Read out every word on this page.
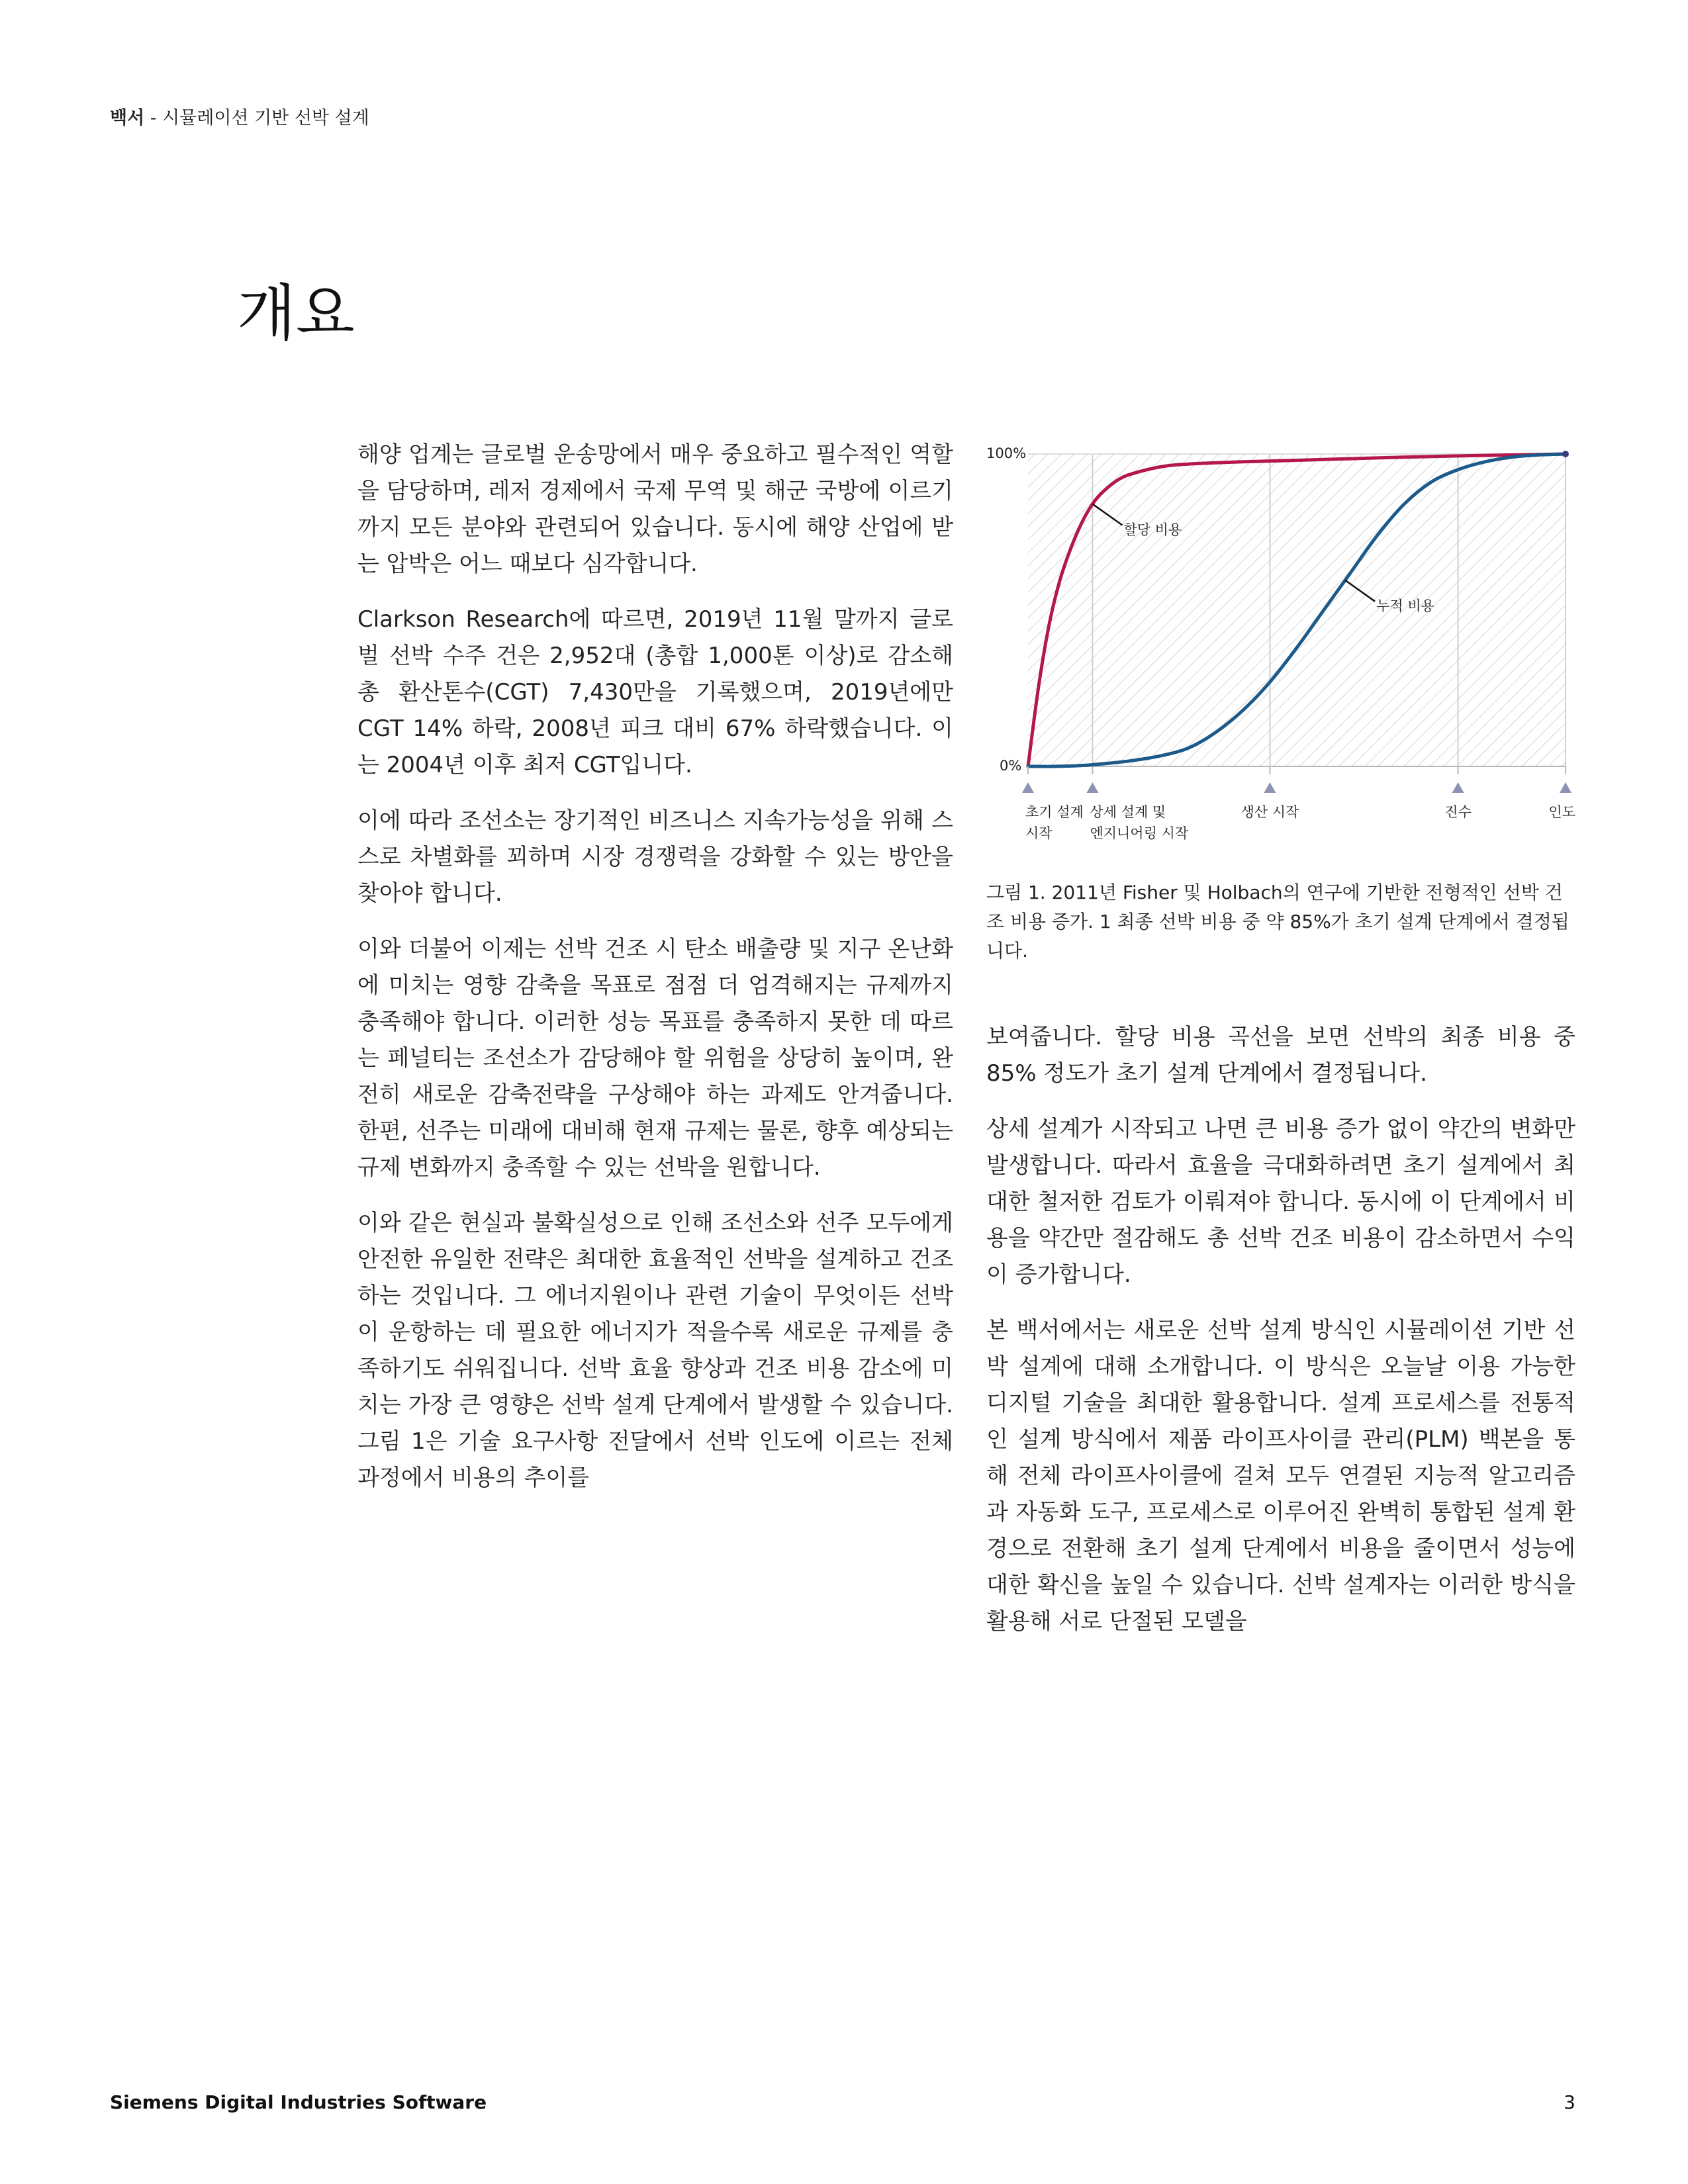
백서 - 시뮬레이션 기반 선박 설계
개요

해양 업계는 글로벌 운송망에서 매우 중요하고 필수적인 역할을 담당하며, 레저 경제에서 국제 무역 및 해군 국방에 이르기까지 모든 분야와 관련되어 있습니다. 동시에 해양 산업에 받는 압박은 어느 때보다 심각합니다.

Clarkson Research에 따르면, 2019년 11월 말까지 글로벌 선박 수주 건은 2,952대 (총합 1,000톤 이상)로 감소해 총 환산톤수(CGT) 7,430만을 기록했으며, 2019년에만 CGT 14% 하락, 2008년 피크 대비 67% 하락했습니다. 이는 2004년 이후 최저 CGT입니다.

이에 따라 조선소는 장기적인 비즈니스 지속가능성을 위해 스스로 차별화를 꾀하며 시장 경쟁력을 강화할 수 있는 방안을 찾아야 합니다.

이와 더불어 이제는 선박 건조 시 탄소 배출량 및 지구 온난화에 미치는 영향 감축을 목표로 점점 더 엄격해지는 규제까지 충족해야 합니다. 이러한 성능 목표를 충족하지 못한 데 따르는 페널티는 조선소가 감당해야 할 위험을 상당히 높이며, 완전히 새로운 감축전략을 구상해야 하는 과제도 안겨줍니다. 한편, 선주는 미래에 대비해 현재 규제는 물론, 향후 예상되는 규제 변화까지 충족할 수 있는 선박을 원합니다.

이와 같은 현실과 불확실성으로 인해 조선소와 선주 모두에게 안전한 유일한 전략은 최대한 효율적인 선박을 설계하고 건조하는 것입니다. 그 에너지원이나 관련 기술이 무엇이든 선박이 운항하는 데 필요한 에너지가 적을수록 새로운 규제를 충족하기도 쉬워집니다. 선박 효율 향상과 건조 비용 감소에 미치는 가장 큰 영향은 선박 설계 단계에서 발생할 수 있습니다. 그림 1은 기술 요구사항 전달에서 선박 인도에 이르는 전체 과정에서 비용의 추이를

100%
0%
할당 비용
누적 비용
초기 설계
시작
상세 설계 및
엔지니어링 시작
생산 시작	진수	인도

그림 1. 2011년 Fisher 및 Holbach의 연구에 기반한 전형적인 선박 건조 비용 증가. 1 최종 선박 비용 중 약 85%가 초기 설계 단계에서 결정됩니다.

보여줍니다. 할당 비용 곡선을 보면 선박의 최종 비용 중 85% 정도가 초기 설계 단계에서 결정됩니다.

상세 설계가 시작되고 나면 큰 비용 증가 없이 약간의 변화만 발생합니다. 따라서 효율을 극대화하려면 초기 설계에서 최대한 철저한 검토가 이뤄져야 합니다. 동시에 이 단계에서 비용을 약간만 절감해도 총 선박 건조 비용이 감소하면서 수익이 증가합니다.

본 백서에서는 새로운 선박 설계 방식인 시뮬레이션 기반 선박 설계에 대해 소개합니다. 이 방식은 오늘날 이용 가능한 디지털 기술을 최대한 활용합니다. 설계 프로세스를 전통적인 설계 방식에서 제품 라이프사이클 관리(PLM) 백본을 통해 전체 라이프사이클에 걸쳐 모두 연결된 지능적 알고리즘과 자동화 도구, 프로세스로 이루어진 완벽히 통합된 설계 환경으로 전환해 초기 설계 단계에서 비용을 줄이면서 성능에 대한 확신을 높일 수 있습니다. 선박 설계자는 이러한 방식을 활용해 서로 단절된 모델을

Siemens Digital Industries Software	3
